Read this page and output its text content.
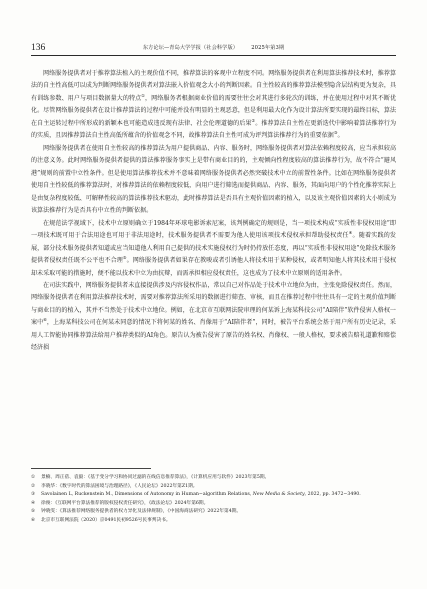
136	东方论坛—青岛大学学报（社会科学版）　　　2025年第3期

网络服务提供者对于推荐算法植入的主观价值不同，推荐算法的客观中立程度不同。网络服务提供者在利用算法推荐技术时，推荐算法的自主性高低可以成为判断网络服务提供者对算法嵌入价值观念大小的判断因素。自主性较高的推荐算法模型隐含层结构更为复杂，具有训练参数、用户与项目数据量大的特点①，网络服务者根据商业价值的需要往往会对其进行多轮次的训练，并在使用过程中对其不断优化。尽管网络服务提供者在设计推荐算法的过程中可能并没有明显的主观恶意，但是利用最大化作为设计算法所要实现的最终目标，算法在自主运转过程中所形成的新颖本也可能造成违反现有法律、社会伦理道德的后果②。推荐算法自主性在更新迭代中影响着算法推荐行为的实质，且因推荐算法自主性高低所蕴含的价值观念不同，故推荐算法自主性可成为评判算法推荐行为的重要依据③。

网络服务提供者在使用自主性较高的推荐算法为用户提供商品、内容、服务时，网络服务提供者对算法依赖程度较高，应当承担较高的注意义务。此时网络服务提供者提供的算法推荐服务事实上是带有商业目的的，主观倾向性程度较高的算法推荐行为，故不符合“避风港”规则的前置中立性条件。但是使用算法推荐技术并不意味着网络服务提供者必然突破技术中立的前置性条件。比如在网络服务提供者使用自主性较低的推荐算法时，对推荐算法的依赖程度较低，向用户进行筛选而提供商品、内容、服务，其面向用户的个性化推荐实际上是由复杂程度较低、可解释性较高的算法推荐技术驱动，此时推荐算法是否具有主观价值因素的植入，以及该主观价值因素的大小则成为该算法推荐行为是否具有中立性的判断依据。

在规范法学视域下，技术中立原则确立于1984年环球电影诉索尼案，该判例确定的规则是，当一项技术构成“实质性非侵权用途”即一项技术既可用于合法用途也可用于非法用途时，技术服务提供者不需要为他人使用该项技术侵权承担帮助侵权责任④。随着实践的发展，部分技术服务提供者知道或应当知道他人利用自己提供的技术实施侵权行为时仍持放任态度，再以“实质性非侵权用途”免除技术服务提供者侵权责任既不公平也不合理⑤。网络服务提供者如果存在教唆或者引诱他人将技术用于某种侵权，或者明知他人将其技术用于侵权却未采取可能的措施时，便不能以技术中立为由抗辩，而需承担相应侵权责任，这也成为了技术中立原则的适用条件。

在司法实践中，网络服务提供者未直接提供涉及内容侵权作品，常以自己对作品处于技术中立地位为由，主张免除侵权责任。然而，网络服务提供者在利用算法推荐技术时，需要对推荐算法所采用的数据进行筛查、审核，而且在推荐过程中往往具有一定的主观价值判断与商业目的的植入，其并不当然处于技术中立地位。例如，在北京市互联网法院审理的何某诉上海某科技公司“AI陪伴”软件侵害人格权一案中⑥，上海某科技公司在何某未同意的情况下将何某的姓名、肖像用于“AI陪伴者”，同时，被告平台系统会基于用户所有历史记录，采用人工智能协同推荐算法给用户推荐类似的AI角色。原告认为被告侵害了原告的姓名权、肖像权、一般人格权，要求被告赔礼道歉和赔偿经济损

① 景楠、周正蓓、袁毅：《基于变分学习和协同过滤的在线信息推荐算法》，《计算机应用与软件》2023年第5期。

② 李晓华：《数字时代的算法困境与治理路径》，《人民论坛》2022年第Z1期。

③ Savolainen L, Ruckenstein M., Dimensions of Autonomy in Human−algorithm Relations, New Media & Society, 2022, pp. 3472−3490.

④ 徐俊：《互联网平台算法推荐的版权侵权责任研究》，《政法论坛》2024年第6期。

⑤ 钟晓雯：《算法推荐网络服务提供者的权力异化及法律规制》，《中国海商法研究》2022年第4期。

⑥ 北京市互联网法院（2020）京0491民初9526号民事判决书。
